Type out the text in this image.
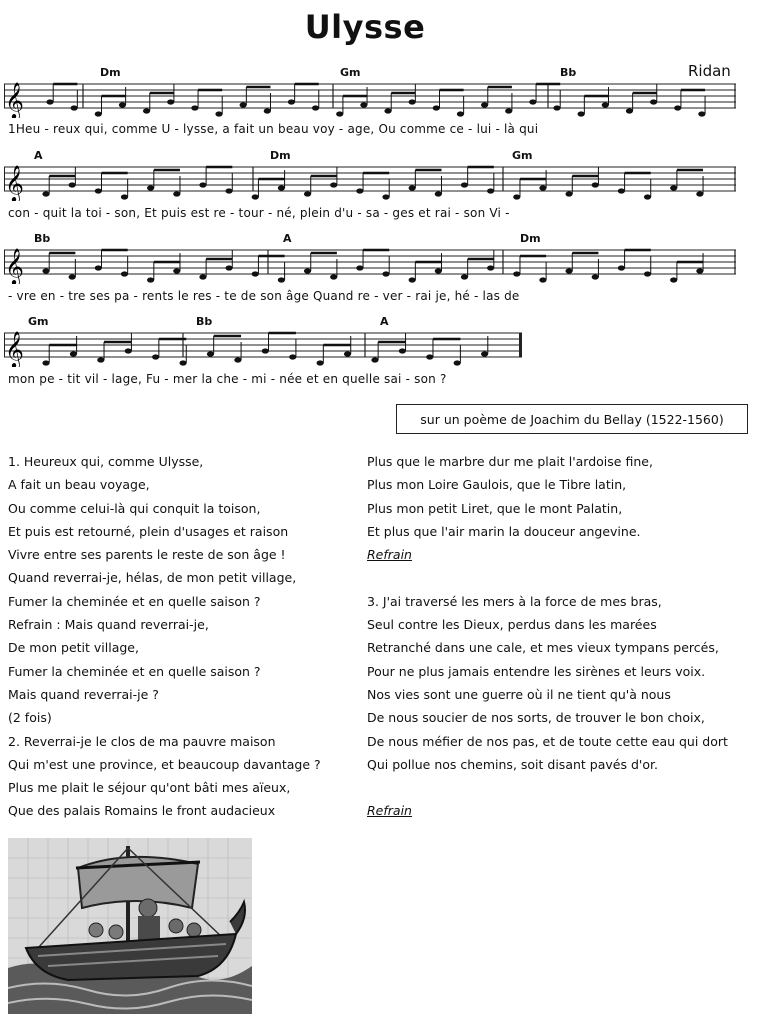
Ulysse
Ridan
𝄞
𝄞
𝄞
𝄞
1Heu - reux qui, comme U - lysse, a fait un beau voy - age, Ou comme ce - lui - là qui
con - quit la toi - son, Et puis est re - tour - né, plein d'u - sa - ges et rai - son Vi -
- vre en - tre ses pa - rents le res - te de son âge Quand re - ver - rai je, hé - las de
mon pe - tit vil - lage, Fu - mer la che - mi - née et en quelle sai - son ?
Dm	Gm	Bb
A	Dm	Gm
Bb	A	Dm
Gm	Bb	A
sur un poème de Joachim du Bellay (1522-1560)
1. Heureux qui, comme Ulysse,
A fait un beau voyage,
Ou comme celui-là qui conquit la toison,
Et puis est retourné, plein d'usages et raison
Vivre entre ses parents le reste de son âge !
Quand reverrai-je, hélas, de mon petit village,
Fumer la cheminée et en quelle saison ?
Refrain : Mais quand reverrai-je,
De mon petit village,
Fumer la cheminée et en quelle saison ?
Mais quand reverrai-je ?
(2 fois)
2. Reverrai-je le clos de ma pauvre maison
Qui m'est une province, et beaucoup davantage ?
Plus me plait le séjour qu'ont bâti mes aïeux,
Que des palais Romains le front audacieux
Plus que le marbre dur me plait l'ardoise fine,
Plus mon Loire Gaulois, que le Tibre latin,
Plus mon petit Liret, que le mont Palatin,
Et plus que l'air marin la douceur angevine.
Refrain

3. J'ai traversé les mers à la force de mes bras,
Seul contre les Dieux, perdus dans les marées
Retranché dans une cale, et mes vieux tympans percés,
Pour ne plus jamais entendre les sirènes et leurs voix.
Nos vies sont une guerre où il ne tient qu'à nous
De nous soucier de nos sorts, de trouver le bon choix,
De nous méfier de nos pas, et de toute cette eau qui dort
Qui pollue nos chemins, soit disant pavés d'or.

Refrain
